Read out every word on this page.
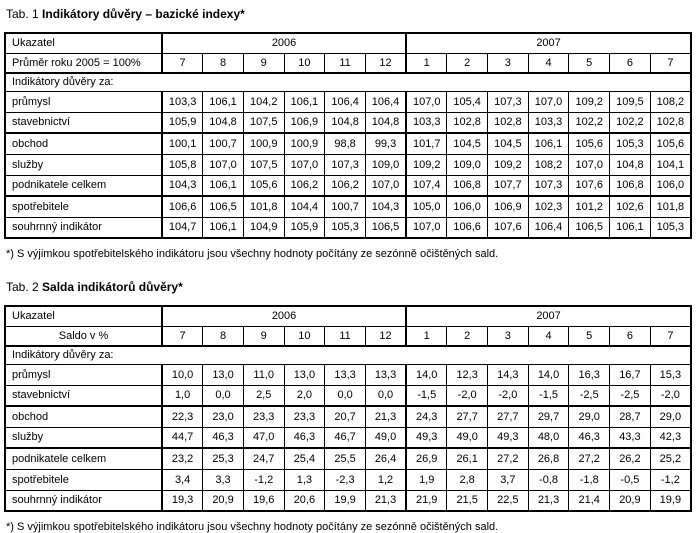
Tab. 1 Indikátory důvěry – bazické indexy*
Ukazatel	2006						2007						
Průměr roku 2005 = 100%	7	8	9	10	11	12	1	2	3	4	5	6	7
Indikátory důvěry za:													
průmysl	103,3	106,1	104,2	106,1	106,4	106,4	107,0	105,4	107,3	107,0	109,2	109,5	108,2
stavebnictví	105,9	104,8	107,5	106,9	104,8	104,8	103,3	102,8	102,8	103,3	102,2	102,2	102,8
obchod	100,1	100,7	100,9	100,9	98,8	99,3	101,7	104,5	104,5	106,1	105,6	105,3	105,6
služby	105,8	107,0	107,5	107,0	107,3	109,0	109,2	109,0	109,2	108,2	107,0	104,8	104,1
podnikatele celkem	104,3	106,1	105,6	106,2	106,2	107,0	107,4	106,8	107,7	107,3	107,6	106,8	106,0
spotřebitele	106,6	106,5	101,8	104,4	100,7	104,3	105,0	106,0	106,9	102,3	101,2	102,6	101,8
souhrnný indikátor	104,7	106,1	104,9	105,9	105,3	106,5	107,0	106,6	107,6	106,4	106,5	106,1	105,3
*) S výjimkou spotřebitelského indikátoru jsou všechny hodnoty počítány ze sezónně očištěných sald.
Tab. 2 Salda indikátorů důvěry*
Ukazatel	2006						2007						
Saldo v %	7	8	9	10	11	12	1	2	3	4	5	6	7
Indikátory důvěry za:													
průmysl	10,0	13,0	11,0	13,0	13,3	13,3	14,0	12,3	14,3	14,0	16,3	16,7	15,3
stavebnictví	1,0	0,0	2,5	2,0	0,0	0,0	-1,5	-2,0	-2,0	-1,5	-2,5	-2,5	-2,0
obchod	22,3	23,0	23,3	23,3	20,7	21,3	24,3	27,7	27,7	29,7	29,0	28,7	29,0
služby	44,7	46,3	47,0	46,3	46,7	49,0	49,3	49,0	49,3	48,0	46,3	43,3	42,3
podnikatele celkem	23,2	25,3	24,7	25,4	25,5	26,4	26,9	26,1	27,2	26,8	27,2	26,2	25,2
spotřebitele	3,4	3,3	-1,2	1,3	-2,3	1,2	1,9	2,8	3,7	-0,8	-1,8	-0,5	-1,2
souhrnný indikátor	19,3	20,9	19,6	20,6	19,9	21,3	21,9	21,5	22,5	21,3	21,4	20,9	19,9
*) S výjimkou spotřebitelského indikátoru jsou všechny hodnoty počítány ze sezónně očištěných sald.
